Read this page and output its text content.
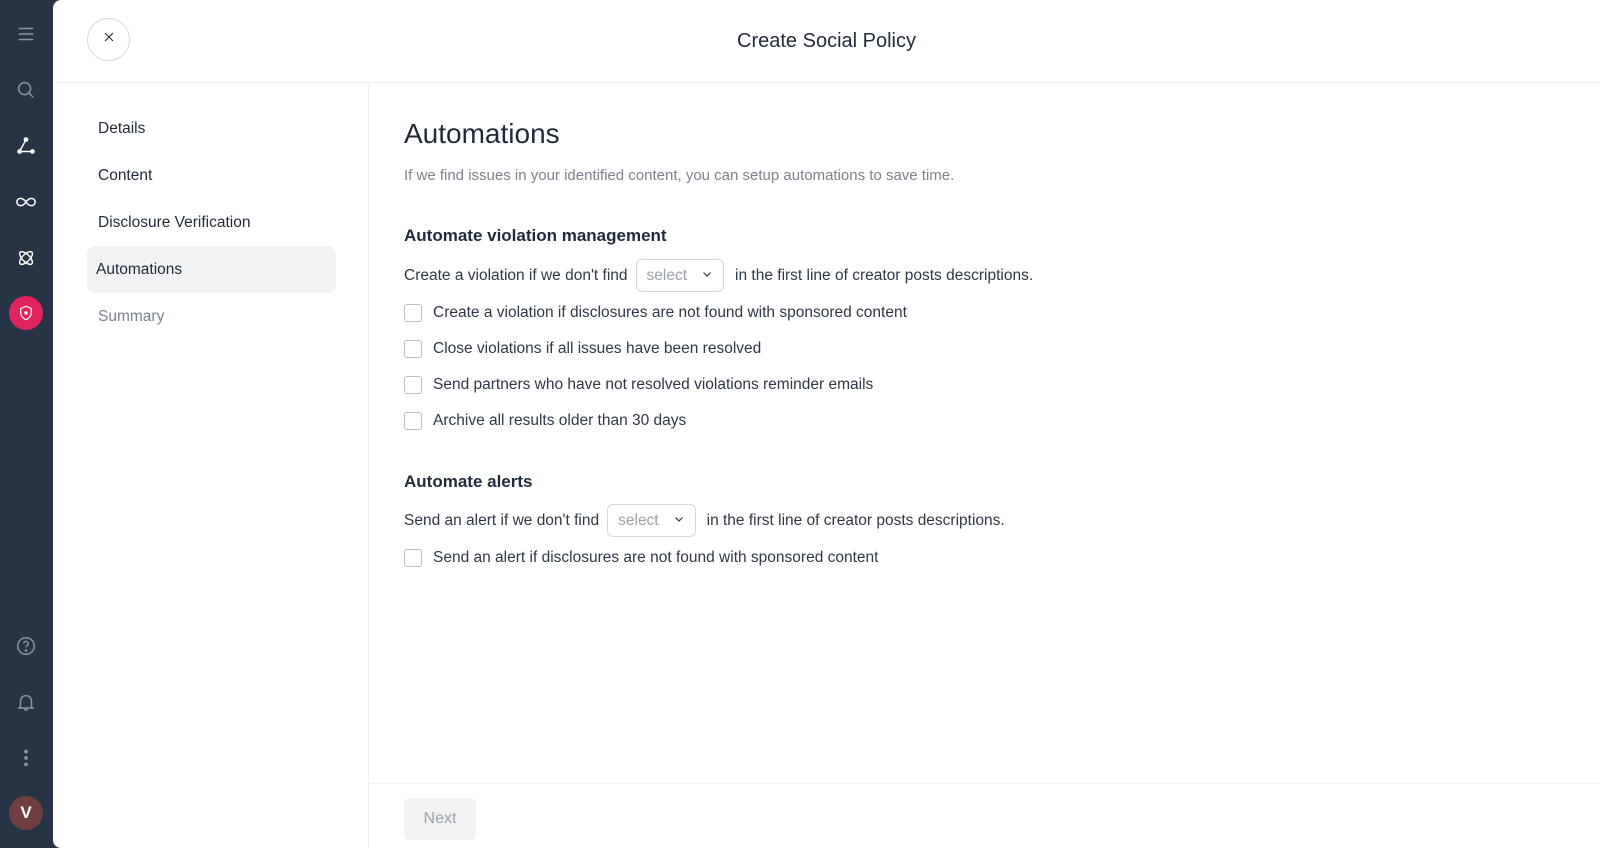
V
Create Social Policy
Details
Content
Disclosure Verification
Automations
Summary
Automations
If we find issues in your identified content, you can setup automations to save time.
Automate violation management
Create a violation if we don't find select	in the first line of creator posts descriptions.
Create a violation if disclosures are not found with sponsored content
Close violations if all issues have been resolved
Send partners who have not resolved violations reminder emails
Archive all results older than 30 days
Automate alerts
Send an alert if we don't find select	in the first line of creator posts descriptions.
Send an alert if disclosures are not found with sponsored content
Next
